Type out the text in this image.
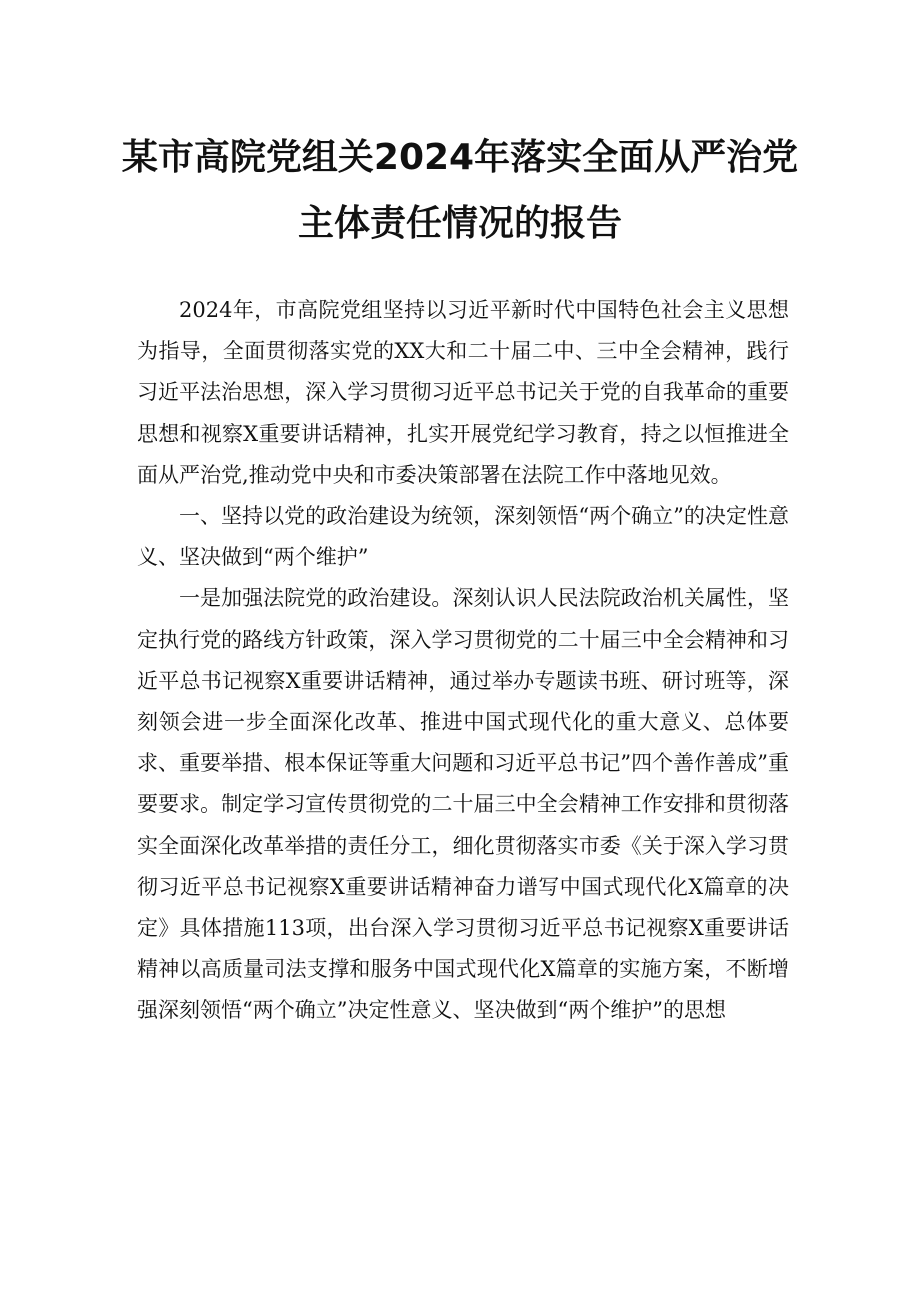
某市高院党组关2024年落实全面从严治党
主体责任情况的报告

2024年，市高院党组坚持以习近平新时代中国特色社会主义思想为指导，全面贯彻落实党的XX大和二十届二中、三中全会精神，践行习近平法治思想，深入学习贯彻习近平总书记关于党的自我革命的重要思想和视察X重要讲话精神，扎实开展党纪学习教育，持之以恒推进全面从严治党,推动党中央和市委决策部署在法院工作中落地见效。

一、坚持以党的政治建设为统领，深刻领悟“两个确立”的决定性意义、坚决做到“两个维护”

一是加强法院党的政治建设。深刻认识人民法院政治机关属性，坚定执行党的路线方针政策，深入学习贯彻党的二十届三中全会精神和习近平总书记视察X重要讲话精神，通过举办专题读书班、研讨班等，深刻领会进一步全面深化改革、推进中国式现代化的重大意义、总体要求、重要举措、根本保证等重大问题和习近平总书记”四个善作善成”重要要求。制定学习宣传贯彻党的二十届三中全会精神工作安排和贯彻落实全面深化改革举措的责任分工，细化贯彻落实市委《关于深入学习贯彻习近平总书记视察X重要讲话精神奋力谱写中国式现代化X篇章的决定》具体措施113项，出台深入学习贯彻习近平总书记视察X重要讲话精神以高质量司法支撑和服务中国式现代化X篇章的实施方案，不断增强深刻领悟“两个确立”决定性意义、坚决做到“两个维护”的思想
